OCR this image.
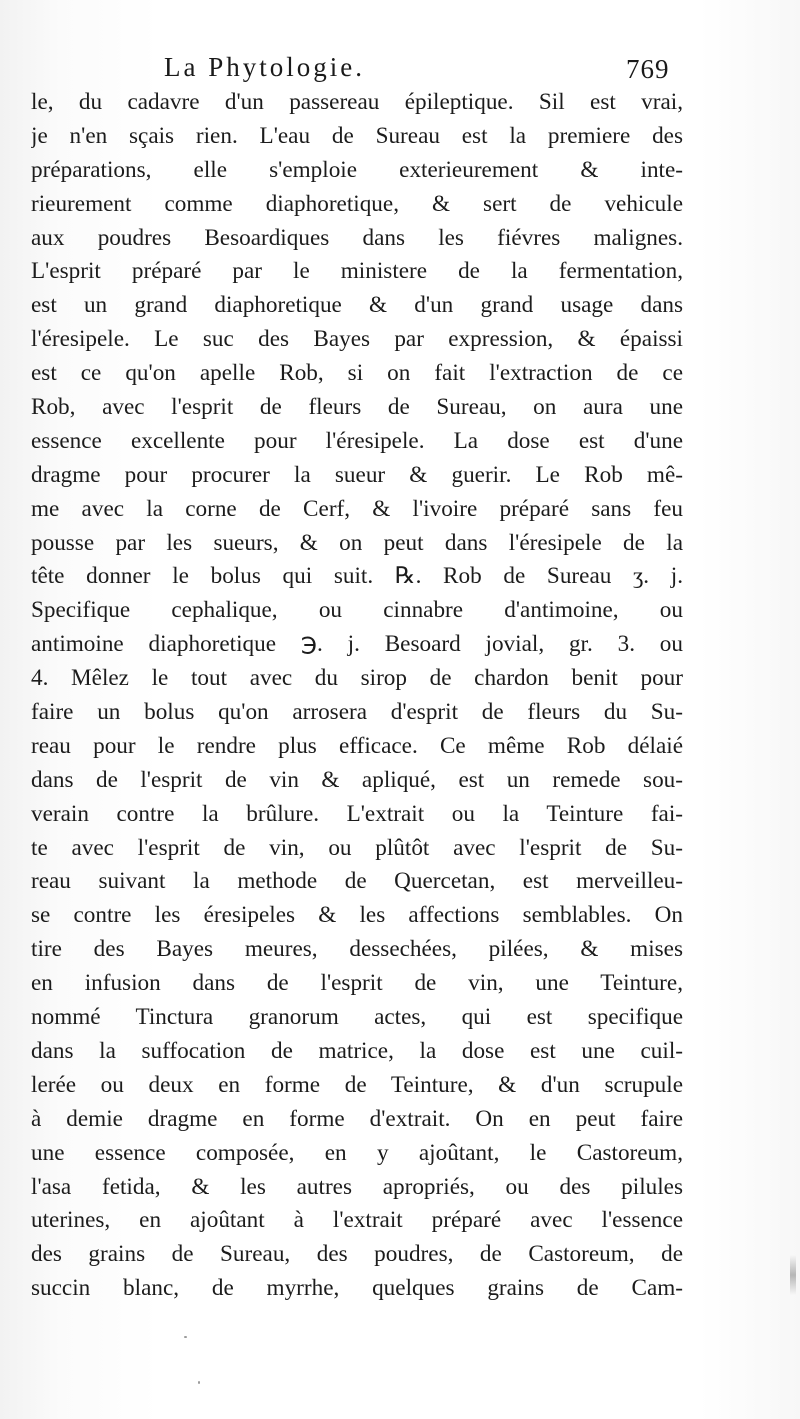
La Phytologie.	769
le, du cadavre d'un passereau épileptique. Sil est vrai,
je n'en sçais rien. L'eau de Sureau est la premiere des
préparations, elle s'emploie exterieurement & inte-
rieurement comme diaphoretique, & sert de vehicule
aux poudres Besoardiques dans les fiévres malignes.
L'esprit préparé par le ministere de la fermentation,
est un grand diaphoretique & d'un grand usage dans
l'éresipele. Le suc des Bayes par expression, & épaissi
est ce qu'on apelle Rob, si on fait l'extraction de ce
Rob, avec l'esprit de fleurs de Sureau, on aura une
essence excellente pour l'éresipele. La dose est d'une
dragme pour procurer la sueur & guerir. Le Rob mê-
me avec la corne de Cerf, & l'ivoire préparé sans feu
pousse par les sueurs, & on peut dans l'éresipele de la
tête donner le bolus qui suit. ℞. Rob de Sureau ʒ. j.
Specifique cephalique, ou cinnabre d'antimoine, ou
antimoine diaphoretique ℈. j. Besoard jovial, gr. 3. ou
4. Mêlez le tout avec du sirop de chardon benit pour
faire un bolus qu'on arrosera d'esprit de fleurs du Su-
reau pour le rendre plus efficace. Ce même Rob délaié
dans de l'esprit de vin & apliqué, est un remede sou-
verain contre la brûlure. L'extrait ou la Teinture fai-
te avec l'esprit de vin, ou plûtôt avec l'esprit de Su-
reau suivant la methode de Quercetan, est merveilleu-
se contre les éresipeles & les affections semblables. On
tire des Bayes meures, dessechées, pilées, & mises
en infusion dans de l'esprit de vin, une Teinture,
nommé Tinctura granorum actes, qui est specifique
dans la suffocation de matrice, la dose est une cuil-
lerée ou deux en forme de Teinture, & d'un scrupule
à demie dragme en forme d'extrait. On en peut faire
une essence composée, en y ajoûtant, le Castoreum,
l'asa fetida, & les autres apropriés, ou des pilules
uterines, en ajoûtant à l'extrait préparé avec l'essence
des grains de Sureau, des poudres, de Castoreum, de
succin blanc, de myrrhe, quelques grains de Cam-
